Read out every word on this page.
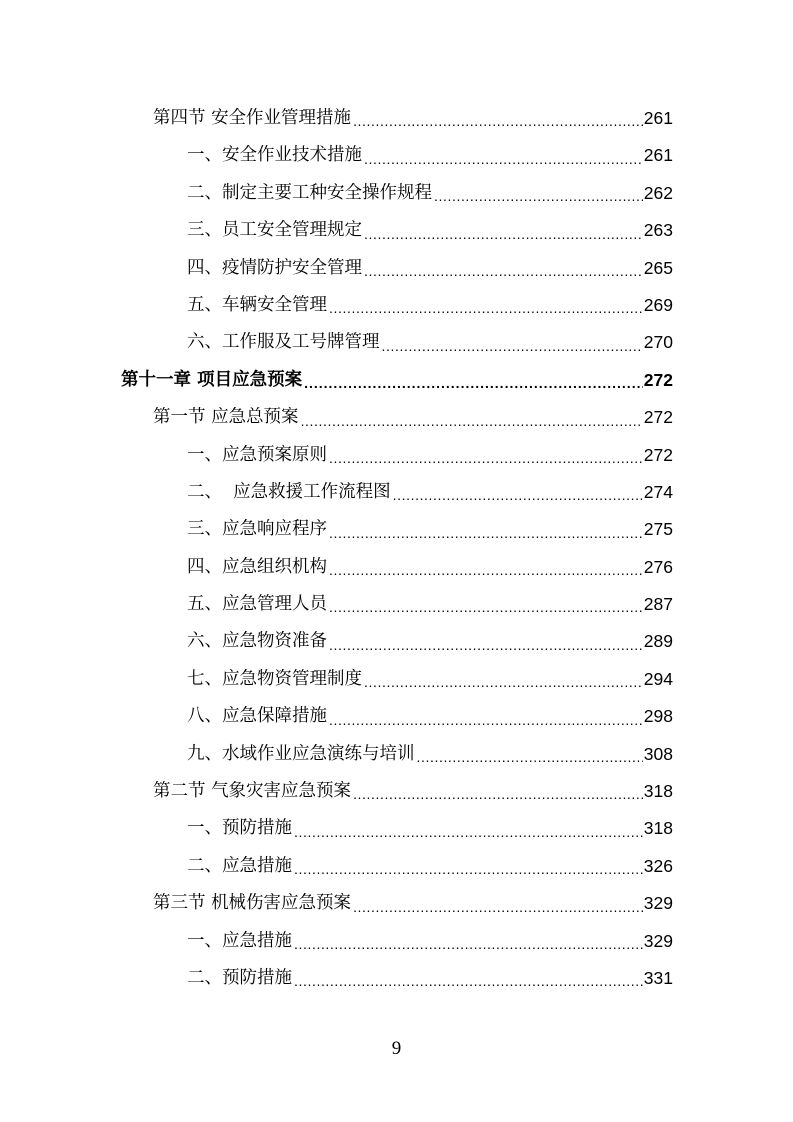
第四节 安全作业管理措施 .....	261
一、安全作业技术措施 .....	261
二、制定主要工种安全操作规程 .....	262
三、员工安全管理规定 .....	263
四、疫情防护安全管理 .....	265
五、车辆安全管理 .....	269
六、工作服及工号牌管理 .....	270
第十一章 项目应急预案 .....	272
第一节 应急总预案 .....	272
一、应急预案原则 .....	272
二、  应急救援工作流程图 .....	274
三、应急响应程序 .....	275
四、应急组织机构 .....	276
五、应急管理人员 .....	287
六、应急物资准备 .....	289
七、应急物资管理制度 .....	294
八、应急保障措施 .....	298
九、水域作业应急演练与培训 .....	308
第二节 气象灾害应急预案 .....	318
一、预防措施 .....	318
二、应急措施 .....	326
第三节 机械伤害应急预案 .....	329
一、应急措施 .....	329
二、预防措施 .....	331
9
